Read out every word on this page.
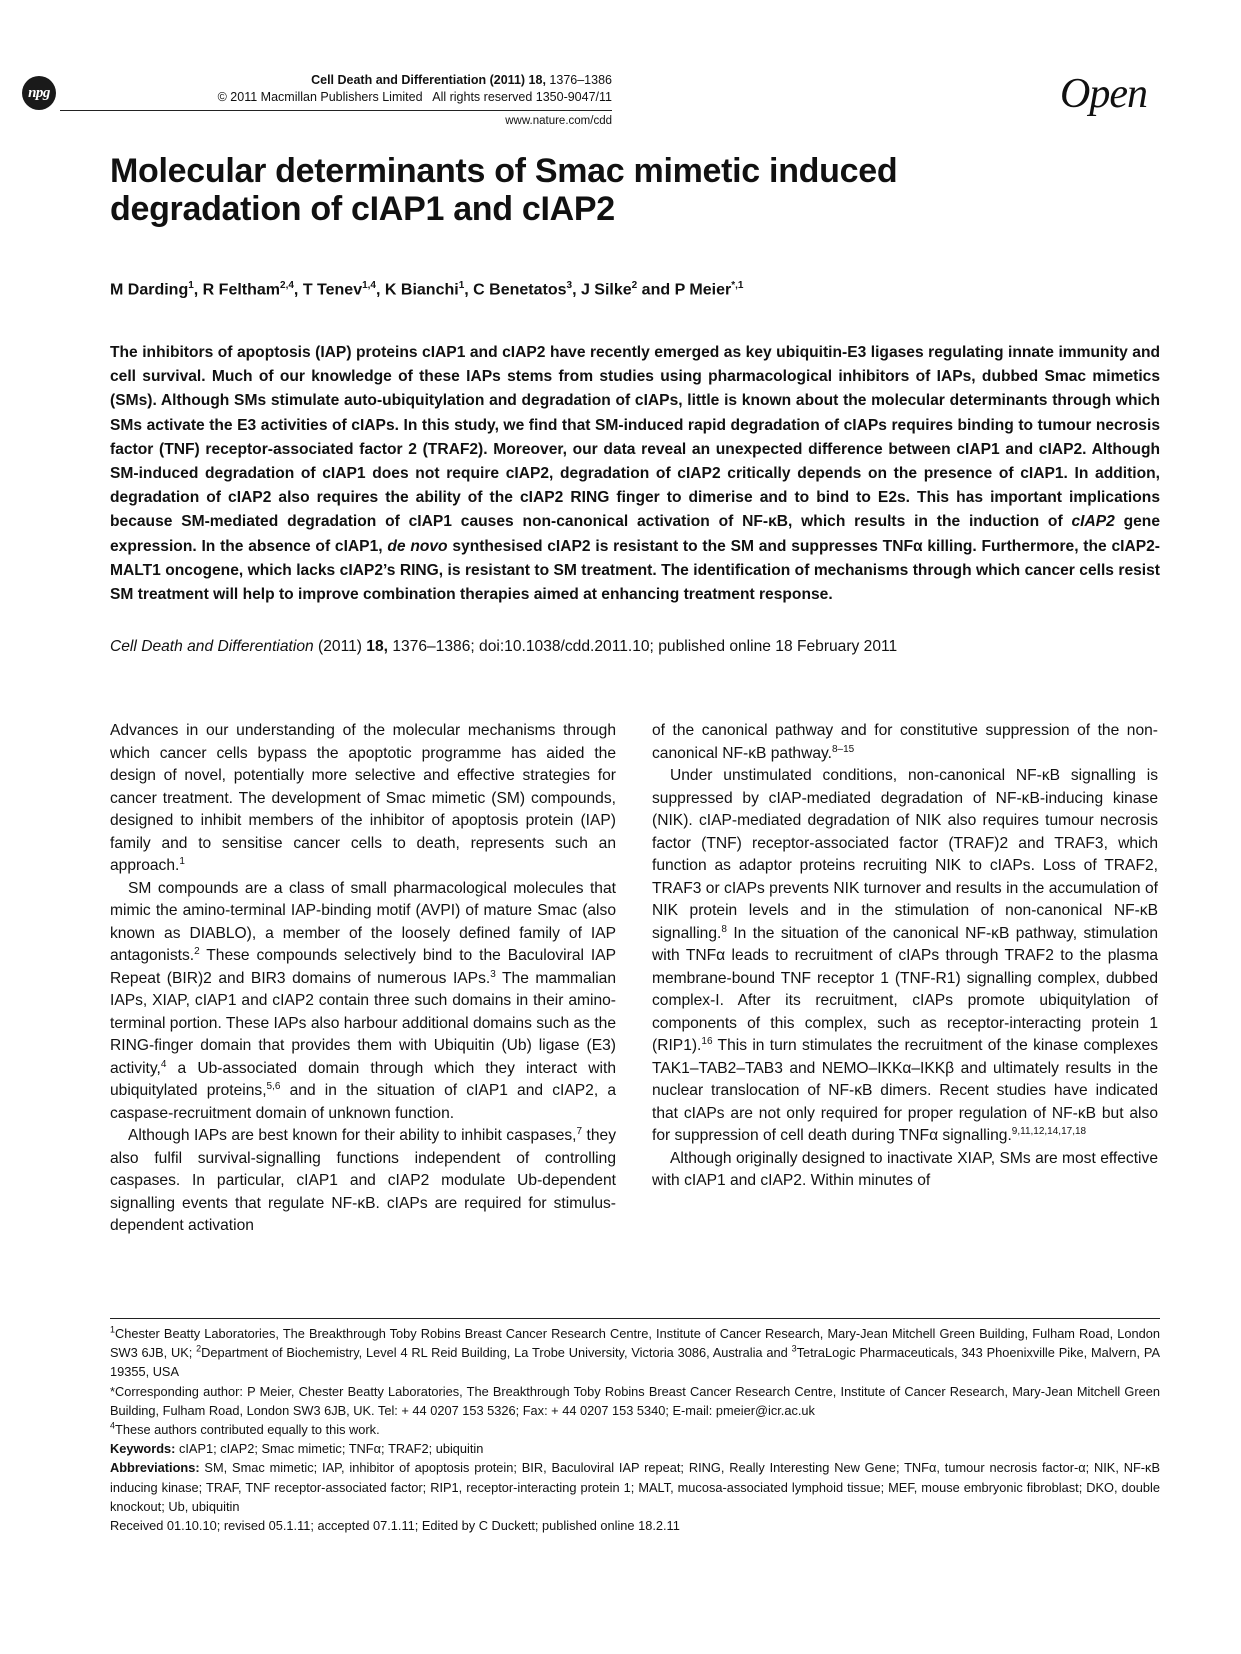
npg
Cell Death and Differentiation (2011) 18, 1376–1386
© 2011 Macmillan Publishers Limited   All rights reserved 1350-9047/11
www.nature.com/cdd
Open
Molecular determinants of Smac mimetic induced degradation of cIAP1 and cIAP2
M Darding$^1$, R Feltham$^{2,4}$, T Tenev$^{1,4}$, K Bianchi$^1$, C Benetatos$^3$, J Silke$^2$ and P Meier$^{*,1}$
The inhibitors of apoptosis (IAP) proteins cIAP1 and cIAP2 have recently emerged as key ubiquitin-E3 ligases regulating innate immunity and cell survival. Much of our knowledge of these IAPs stems from studies using pharmacological inhibitors of IAPs, dubbed Smac mimetics (SMs). Although SMs stimulate auto-ubiquitylation and degradation of cIAPs, little is known about the molecular determinants through which SMs activate the E3 activities of cIAPs. In this study, we find that SM-induced rapid degradation of cIAPs requires binding to tumour necrosis factor (TNF) receptor-associated factor 2 (TRAF2). Moreover, our data reveal an unexpected difference between cIAP1 and cIAP2. Although SM-induced degradation of cIAP1 does not require cIAP2, degradation of cIAP2 critically depends on the presence of cIAP1. In addition, degradation of cIAP2 also requires the ability of the cIAP2 RING finger to dimerise and to bind to E2s. This has important implications because SM-mediated degradation of cIAP1 causes non-canonical activation of NF-κB, which results in the induction of cIAP2 gene expression. In the absence of cIAP1, de novo synthesised cIAP2 is resistant to the SM and suppresses TNFα killing. Furthermore, the cIAP2-MALT1 oncogene, which lacks cIAP2’s RING, is resistant to SM treatment. The identification of mechanisms through which cancer cells resist SM treatment will help to improve combination therapies aimed at enhancing treatment response.
Cell Death and Differentiation (2011) 18, 1376–1386; doi:10.1038/cdd.2011.10; published online 18 February 2011

Advances in our understanding of the molecular mechanisms through which cancer cells bypass the apoptotic programme has aided the design of novel, potentially more selective and effective strategies for cancer treatment. The development of Smac mimetic (SM) compounds, designed to inhibit members of the inhibitor of apoptosis protein (IAP) family and to sensitise cancer cells to death, represents such an approach.$^1$

SM compounds are a class of small pharmacological molecules that mimic the amino-terminal IAP-binding motif (AVPI) of mature Smac (also known as DIABLO), a member of the loosely defined family of IAP antagonists.$^2$ These compounds selectively bind to the Baculoviral IAP Repeat (BIR)2 and BIR3 domains of numerous IAPs.$^3$ The mammalian IAPs, XIAP, cIAP1 and cIAP2 contain three such domains in their amino-terminal portion. These IAPs also harbour additional domains such as the RING-finger domain that provides them with Ubiquitin (Ub) ligase (E3) activity,$^4$ a Ub-associated domain through which they interact with ubiquitylated proteins,$^{5,6}$ and in the situation of cIAP1 and cIAP2, a caspase-recruitment domain of unknown function.

Although IAPs are best known for their ability to inhibit caspases,$^7$ they also fulfil survival-signalling functions independent of controlling caspases. In particular, cIAP1 and cIAP2 modulate Ub-dependent signalling events that regulate NF-κB. cIAPs are required for stimulus-dependent activation

of the canonical pathway and for constitutive suppression of the non-canonical NF-κB pathway.$^{8-15}$

Under unstimulated conditions, non-canonical NF-κB signalling is suppressed by cIAP-mediated degradation of NF-κB-inducing kinase (NIK). cIAP-mediated degradation of NIK also requires tumour necrosis factor (TNF) receptor-associated factor (TRAF)2 and TRAF3, which function as adaptor proteins recruiting NIK to cIAPs. Loss of TRAF2, TRAF3 or cIAPs prevents NIK turnover and results in the accumulation of NIK protein levels and in the stimulation of non-canonical NF-κB signalling.$^8$ In the situation of the canonical NF-κB pathway, stimulation with TNFα leads to recruitment of cIAPs through TRAF2 to the plasma membrane-bound TNF receptor 1 (TNF-R1) signalling complex, dubbed complex-I. After its recruitment, cIAPs promote ubiquitylation of components of this complex, such as receptor-interacting protein 1 (RIP1).$^{16}$ This in turn stimulates the recruitment of the kinase complexes TAK1–TAB2–TAB3 and NEMO–IKKα–IKKβ and ultimately results in the nuclear translocation of NF-κB dimers. Recent studies have indicated that cIAPs are not only required for proper regulation of NF-κB but also for suppression of cell death during TNFα signalling.$^{9,11,12,14,17,18}$

Although originally designed to inactivate XIAP, SMs are most effective with cIAP1 and cIAP2. Within minutes of

$^1$Chester Beatty Laboratories, The Breakthrough Toby Robins Breast Cancer Research Centre, Institute of Cancer Research, Mary-Jean Mitchell Green Building, Fulham Road, London SW3 6JB, UK; $^2$Department of Biochemistry, Level 4 RL Reid Building, La Trobe University, Victoria 3086, Australia and $^3$TetraLogic Pharmaceuticals, 343 Phoenixville Pike, Malvern, PA 19355, USA

*Corresponding author: P Meier, Chester Beatty Laboratories, The Breakthrough Toby Robins Breast Cancer Research Centre, Institute of Cancer Research, Mary-Jean Mitchell Green Building, Fulham Road, London SW3 6JB, UK. Tel: + 44 0207 153 5326; Fax: + 44 0207 153 5340; E-mail: pmeier@icr.ac.uk

$^4$These authors contributed equally to this work.

Keywords: cIAP1; cIAP2; Smac mimetic; TNFα; TRAF2; ubiquitin

Abbreviations: SM, Smac mimetic; IAP, inhibitor of apoptosis protein; BIR, Baculoviral IAP repeat; RING, Really Interesting New Gene; TNFα, tumour necrosis factor-α; NIK, NF-κB inducing kinase; TRAF, TNF receptor-associated factor; RIP1, receptor-interacting protein 1; MALT, mucosa-associated lymphoid tissue; MEF, mouse embryonic fibroblast; DKO, double knockout; Ub, ubiquitin

Received 01.10.10; revised 05.1.11; accepted 07.1.11; Edited by C Duckett; published online 18.2.11
